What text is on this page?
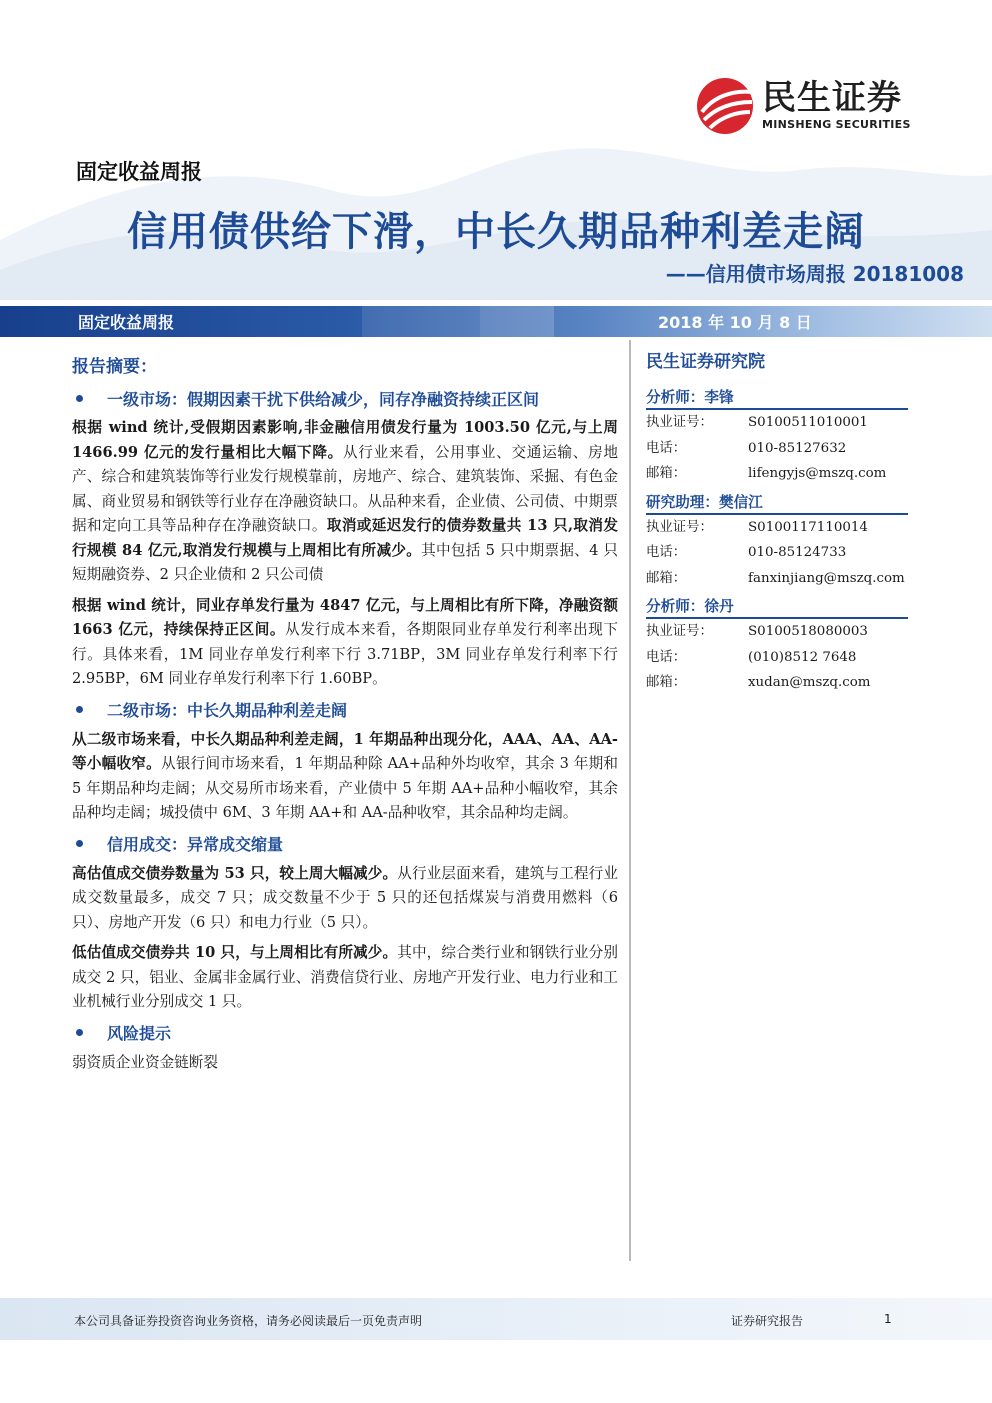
民生证券
MINSHENG SECURITIES
固定收益周报
信用债供给下滑，中长久期品种利差走阔
——信用债市场周报 20181008
固定收益周报	2018 年 10 月 8 日
报告摘要：
一级市场：假期因素干扰下供给减少，同存净融资持续正区间
根据 wind 统计,受假期因素影响,非金融信用债发行量为 1003.50 亿元,与上周 1466.99 亿元的发行量相比大幅下降。从行业来看，公用事业、交通运输、房地产、综合和建筑装饰等行业发行规模靠前，房地产、综合、建筑装饰、采掘、有色金属、商业贸易和钢铁等行业存在净融资缺口。从品种来看，企业债、公司债、中期票据和定向工具等品种存在净融资缺口。取消或延迟发行的债券数量共 13 只,取消发行规模 84 亿元,取消发行规模与上周相比有所减少。其中包括 5 只中期票据、4 只短期融资券、2 只企业债和 2 只公司债
根据 wind 统计，同业存单发行量为 4847 亿元，与上周相比有所下降，净融资额 1663 亿元，持续保持正区间。从发行成本来看，各期限同业存单发行利率出现下行。具体来看，1M 同业存单发行利率下行 3.71BP，3M 同业存单发行利率下行 2.95BP，6M 同业存单发行利率下行 1.60BP。
二级市场：中长久期品种利差走阔
从二级市场来看，中长久期品种利差走阔，1 年期品种出现分化，AAA、AA、AA-等小幅收窄。从银行间市场来看，1 年期品种除 AA+品种外均收窄，其余 3 年期和 5 年期品种均走阔；从交易所市场来看，产业债中 5 年期 AA+品种小幅收窄，其余品种均走阔；城投债中 6M、3 年期 AA+和 AA-品种收窄，其余品种均走阔。
信用成交：异常成交缩量
高估值成交债券数量为 53 只，较上周大幅减少。从行业层面来看，建筑与工程行业成交数量最多，成交 7 只；成交数量不少于 5 只的还包括煤炭与消费用燃料（6 只）、房地产开发（6 只）和电力行业（5 只）。
低估值成交债券共 10 只，与上周相比有所减少。其中，综合类行业和钢铁行业分别成交 2 只，铝业、金属非金属行业、消费信贷行业、房地产开发行业、电力行业和工业机械行业分别成交 1 只。
风险提示
弱资质企业资金链断裂
民生证券研究院
分析师：李锋
执业证号：	S0100511010001
电话：	010-85127632
邮箱：	lifengyjs@mszq.com
研究助理：樊信江
执业证号：	S0100117110014
电话：	010-85124733
邮箱：	fanxinjiang@mszq.com
分析师：徐丹
执业证号：	S0100518080003
电话：	(010)8512 7648
邮箱：	xudan@mszq.com
本公司具备证券投资咨询业务资格，请务必阅读最后一页免责声明	证券研究报告	1
